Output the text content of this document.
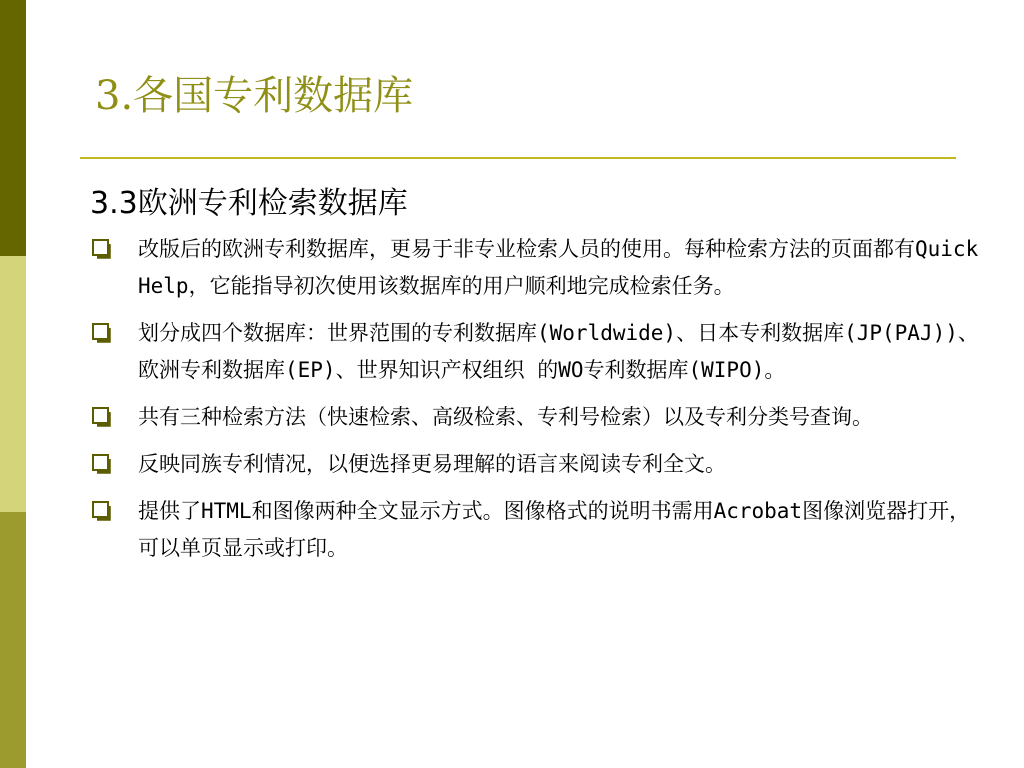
3.各国专利数据库
3.3欧洲专利检索数据库
改版后的欧洲专利数据库，更易于非专业检索人员的使用。每种检索方法的页面都有Quick Help，它能指导初次使用该数据库的用户顺利地完成检索任务。
划分成四个数据库：世界范围的专利数据库(Worldwide)、日本专利数据库(JP(PAJ))、欧洲专利数据库(EP)、世界知识产权组织 的WO专利数据库(WIPO)。
共有三种检索方法（快速检索、高级检索、专利号检索）以及专利分类号查询。
反映同族专利情况，以便选择更易理解的语言来阅读专利全文。
提供了HTML和图像两种全文显示方式。图像格式的说明书需用Acrobat图像浏览器打开，可以单页显示或打印。
